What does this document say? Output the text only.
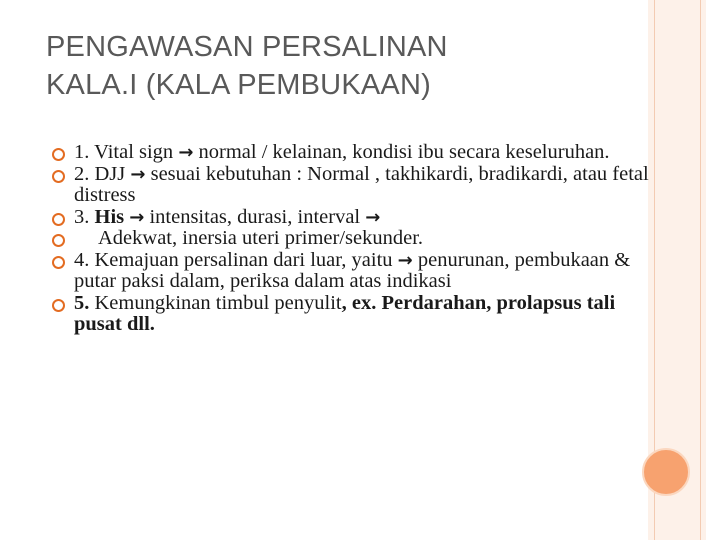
PENGAWASAN PERSALINAN
KALA.I (KALA PEMBUKAAN)
1. Vital sign → normal / kelainan, kondisi ibu secara keseluruhan.
2. DJJ → sesuai kebutuhan : Normal , takhikardi, bradikardi, atau fetal distress
3. His → intensitas, durasi, interval →
Adekwat, inersia uteri primer/sekunder.
4. Kemajuan persalinan dari luar, yaitu → penurunan, pembukaan & putar paksi dalam, periksa dalam atas indikasi
5. Kemungkinan timbul penyulit, ex. Perdarahan, prolapsus tali pusat dll.
